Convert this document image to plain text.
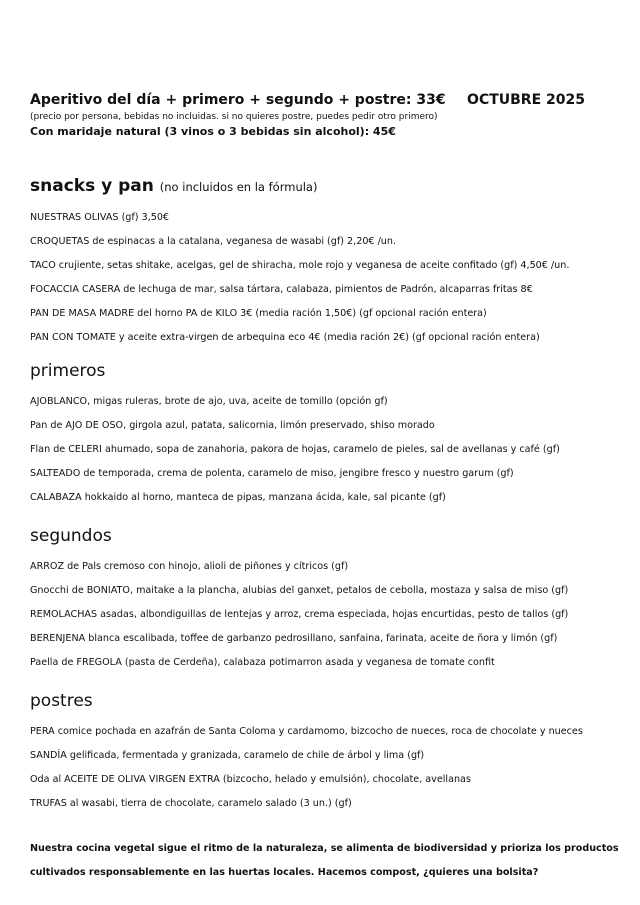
Aperitivo del día + primero + segundo + postre: 33€ OCTUBRE 2025
(precio por persona, bebidas no incluidas. si no quieres postre, puedes pedir otro primero)
Con maridaje natural (3 vinos o 3 bebidas sin alcohol): 45€
snacks y pan (no incluidos en la fórmula)
NUESTRAS OLIVAS (gf) 3,50€
CROQUETAS de espinacas a la catalana, veganesa de wasabi (gf) 2,20€ /un.
TACO crujiente, setas shitake, acelgas, gel de shiracha, mole rojo y veganesa de aceite confitado (gf) 4,50€ /un.
FOCACCIA CASERA de lechuga de mar, salsa tártara, calabaza, pimientos de Padrón, alcaparras fritas 8€
PAN DE MASA MADRE del horno PA de KILO 3€ (media ración 1,50€) (gf opcional ración entera)
PAN CON TOMATE y aceite extra-virgen de arbequina eco 4€ (media ración 2€) (gf opcional ración entera)
primeros
AJOBLANCO, migas ruleras, brote de ajo, uva, aceite de tomillo (opción gf)
Pan de AJO DE OSO, girgola azul, patata, salicornia, limón preservado, shiso morado
Flan de CELERI ahumado, sopa de zanahoria, pakora de hojas, caramelo de pieles, sal de avellanas y café (gf)
SALTEADO de temporada, crema de polenta, caramelo de miso, jengibre fresco y nuestro garum (gf)
CALABAZA hokkaido al horno, manteca de pipas, manzana ácida, kale, sal picante (gf)
segundos
ARROZ de Pals cremoso con hinojo, alioli de piñones y cítricos (gf)
Gnocchi de BONIATO, maitake a la plancha, alubias del ganxet, petalos de cebolla, mostaza y salsa de miso (gf)
REMOLACHAS asadas, albondiguillas de lentejas y arroz, crema especiada, hojas encurtidas, pesto de tallos (gf)
BERENJENA blanca escalibada, toffee de garbanzo pedrosillano, sanfaina, farinata, aceite de ñora y limón (gf)
Paella de FREGOLA (pasta de Cerdeña), calabaza potimarron asada y veganesa de tomate confit
postres
PERA comice pochada en azafrán de Santa Coloma y cardamomo, bizcocho de nueces, roca de chocolate y nueces
SANDÍA gelificada, fermentada y granizada, caramelo de chile de árbol y lima (gf)
Oda al ACEITE DE OLIVA VIRGEN EXTRA (bizcocho, helado y emulsión), chocolate, avellanas
TRUFAS al wasabi, tierra de chocolate, caramelo salado (3 un.) (gf)
Nuestra cocina vegetal sigue el ritmo de la naturaleza, se alimenta de biodiversidad y prioriza los productos
cultivados responsablemente en las huertas locales. Hacemos compost, ¿quieres una bolsita?
